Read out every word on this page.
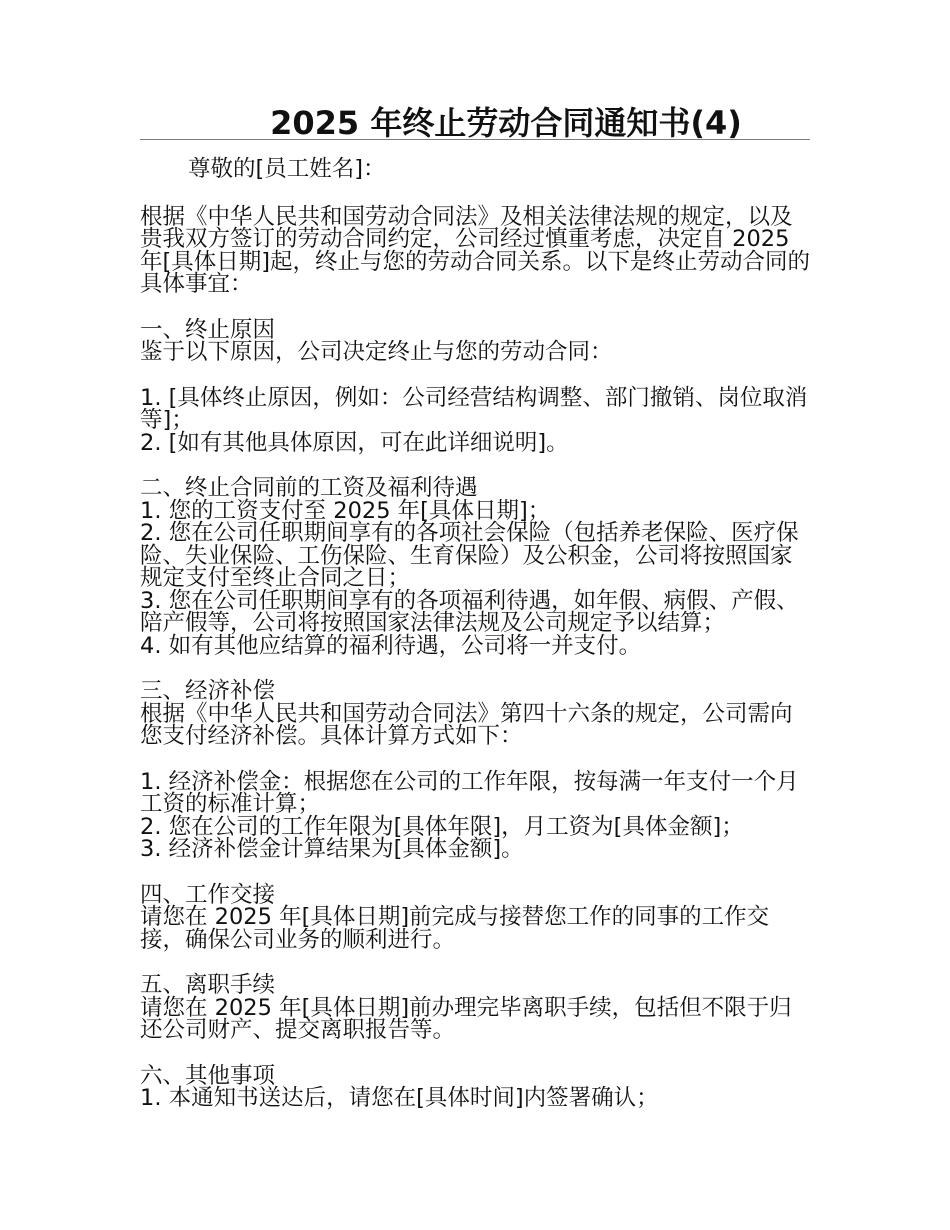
2025 年终止劳动合同通知书(4)

尊敬的[员工姓名]：

根据《中华人民共和国劳动合同法》及相关法律法规的规定，以及贵我双方签订的劳动合同约定，公司经过慎重考虑，决定自 2025 年[具体日期]起，终止与您的劳动合同关系。以下是终止劳动合同的具体事宜：

一、终止原因

鉴于以下原因，公司决定终止与您的劳动合同：

1. [具体终止原因，例如：公司经营结构调整、部门撤销、岗位取消等]；

2. [如有其他具体原因，可在此详细说明]。

二、终止合同前的工资及福利待遇

1. 您的工资支付至 2025 年[具体日期]；

2. 您在公司任职期间享有的各项社会保险（包括养老保险、医疗保险、失业保险、工伤保险、生育保险）及公积金，公司将按照国家规定支付至终止合同之日；

3. 您在公司任职期间享有的各项福利待遇，如年假、病假、产假、陪产假等，公司将按照国家法律法规及公司规定予以结算；

4. 如有其他应结算的福利待遇，公司将一并支付。

三、经济补偿

根据《中华人民共和国劳动合同法》第四十六条的规定，公司需向您支付经济补偿。具体计算方式如下：

1. 经济补偿金：根据您在公司的工作年限，按每满一年支付一个月工资的标准计算；

2. 您在公司的工作年限为[具体年限]，月工资为[具体金额]；

3. 经济补偿金计算结果为[具体金额]。

四、工作交接

请您在 2025 年[具体日期]前完成与接替您工作的同事的工作交接，确保公司业务的顺利进行。

五、离职手续

请您在 2025 年[具体日期]前办理完毕离职手续，包括但不限于归还公司财产、提交离职报告等。

六、其他事项

1. 本通知书送达后，请您在[具体时间]内签署确认；
